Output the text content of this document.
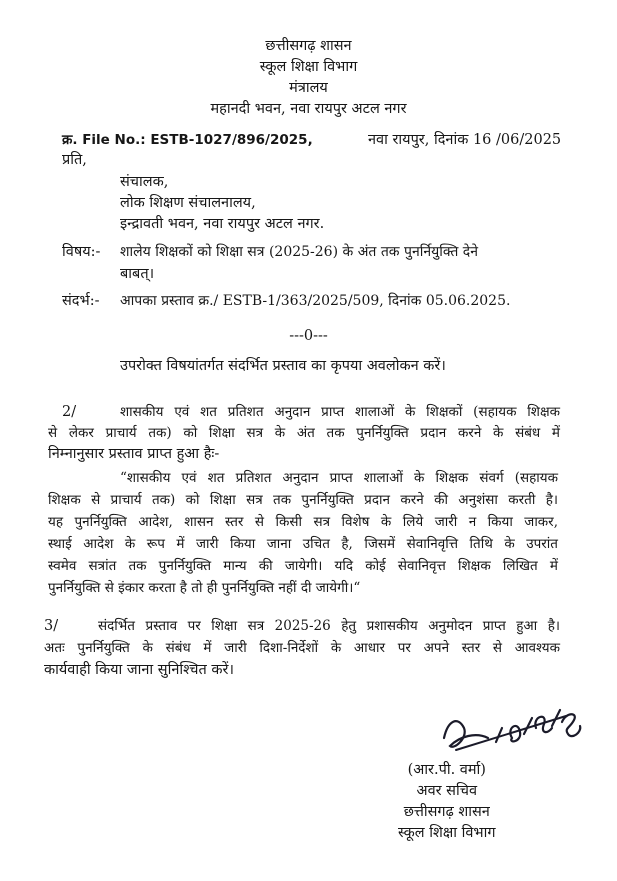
छत्तीसगढ़ शासन
स्कूल शिक्षा विभाग
मंत्रालय
महानदी भवन, नवा रायपुर अटल नगर
क्र. File No.: ESTB-1027/896/2025,	नवा रायपुर, दिनांक 16 /06/2025
प्रति,
संचालक,
लोक शिक्षण संचालनालय,
इन्द्रावती भवन, नवा रायपुर अटल नगर.
विषय:- शालेय शिक्षकों को शिक्षा सत्र (2025-26) के अंत तक पुनर्नियुक्ति देने
बाबत्।
संदर्भ:- आपका प्रस्ताव क्र./ ESTB-1/363/2025/509, दिनांक 05.06.2025.
---0---
उपरोक्त विषयांतर्गत संदर्भित प्रस्ताव का कृपया अवलोकन करें।
2/	शासकीय एवं शत प्रतिशत अनुदान प्राप्त शालाओं के शिक्षकों (सहायक शिक्षक
से लेकर प्राचार्य तक) को शिक्षा सत्र के अंत तक पुनर्नियुक्ति प्रदान करने के संबंध में
निम्नानुसार प्रस्ताव प्राप्त हुआ हैः-
“शासकीय एवं शत प्रतिशत अनुदान प्राप्त शालाओं के शिक्षक संवर्ग (सहायक
शिक्षक से प्राचार्य तक) को शिक्षा सत्र तक पुनर्नियुक्ति प्रदान करने की अनुशंसा करती है।
यह पुनर्नियुक्ति आदेश, शासन स्तर से किसी सत्र विशेष के लिये जारी न किया जाकर,
स्थाई आदेश के रूप में जारी किया जाना उचित है, जिसमें सेवानिवृत्ति तिथि के उपरांत
स्वमेव सत्रांत तक पुनर्नियुक्ति मान्य की जायेगी। यदि कोई सेवानिवृत्त शिक्षक लिखित में
पुनर्नियुक्ति से इंकार करता है तो ही पुनर्नियुक्ति नहीं दी जायेगी।“
3/	संदर्भित प्रस्ताव पर शिक्षा सत्र 2025-26 हेतु प्रशासकीय अनुमोदन प्राप्त हुआ है।
अतः पुनर्नियुक्ति के संबंध में जारी दिशा-निर्देशों के आधार पर अपने स्तर से आवश्यक
कार्यवाही किया जाना सुनिश्चित करें।
(आर.पी. वर्मा)
अवर सचिव
छत्तीसगढ़ शासन
स्कूल शिक्षा विभाग
